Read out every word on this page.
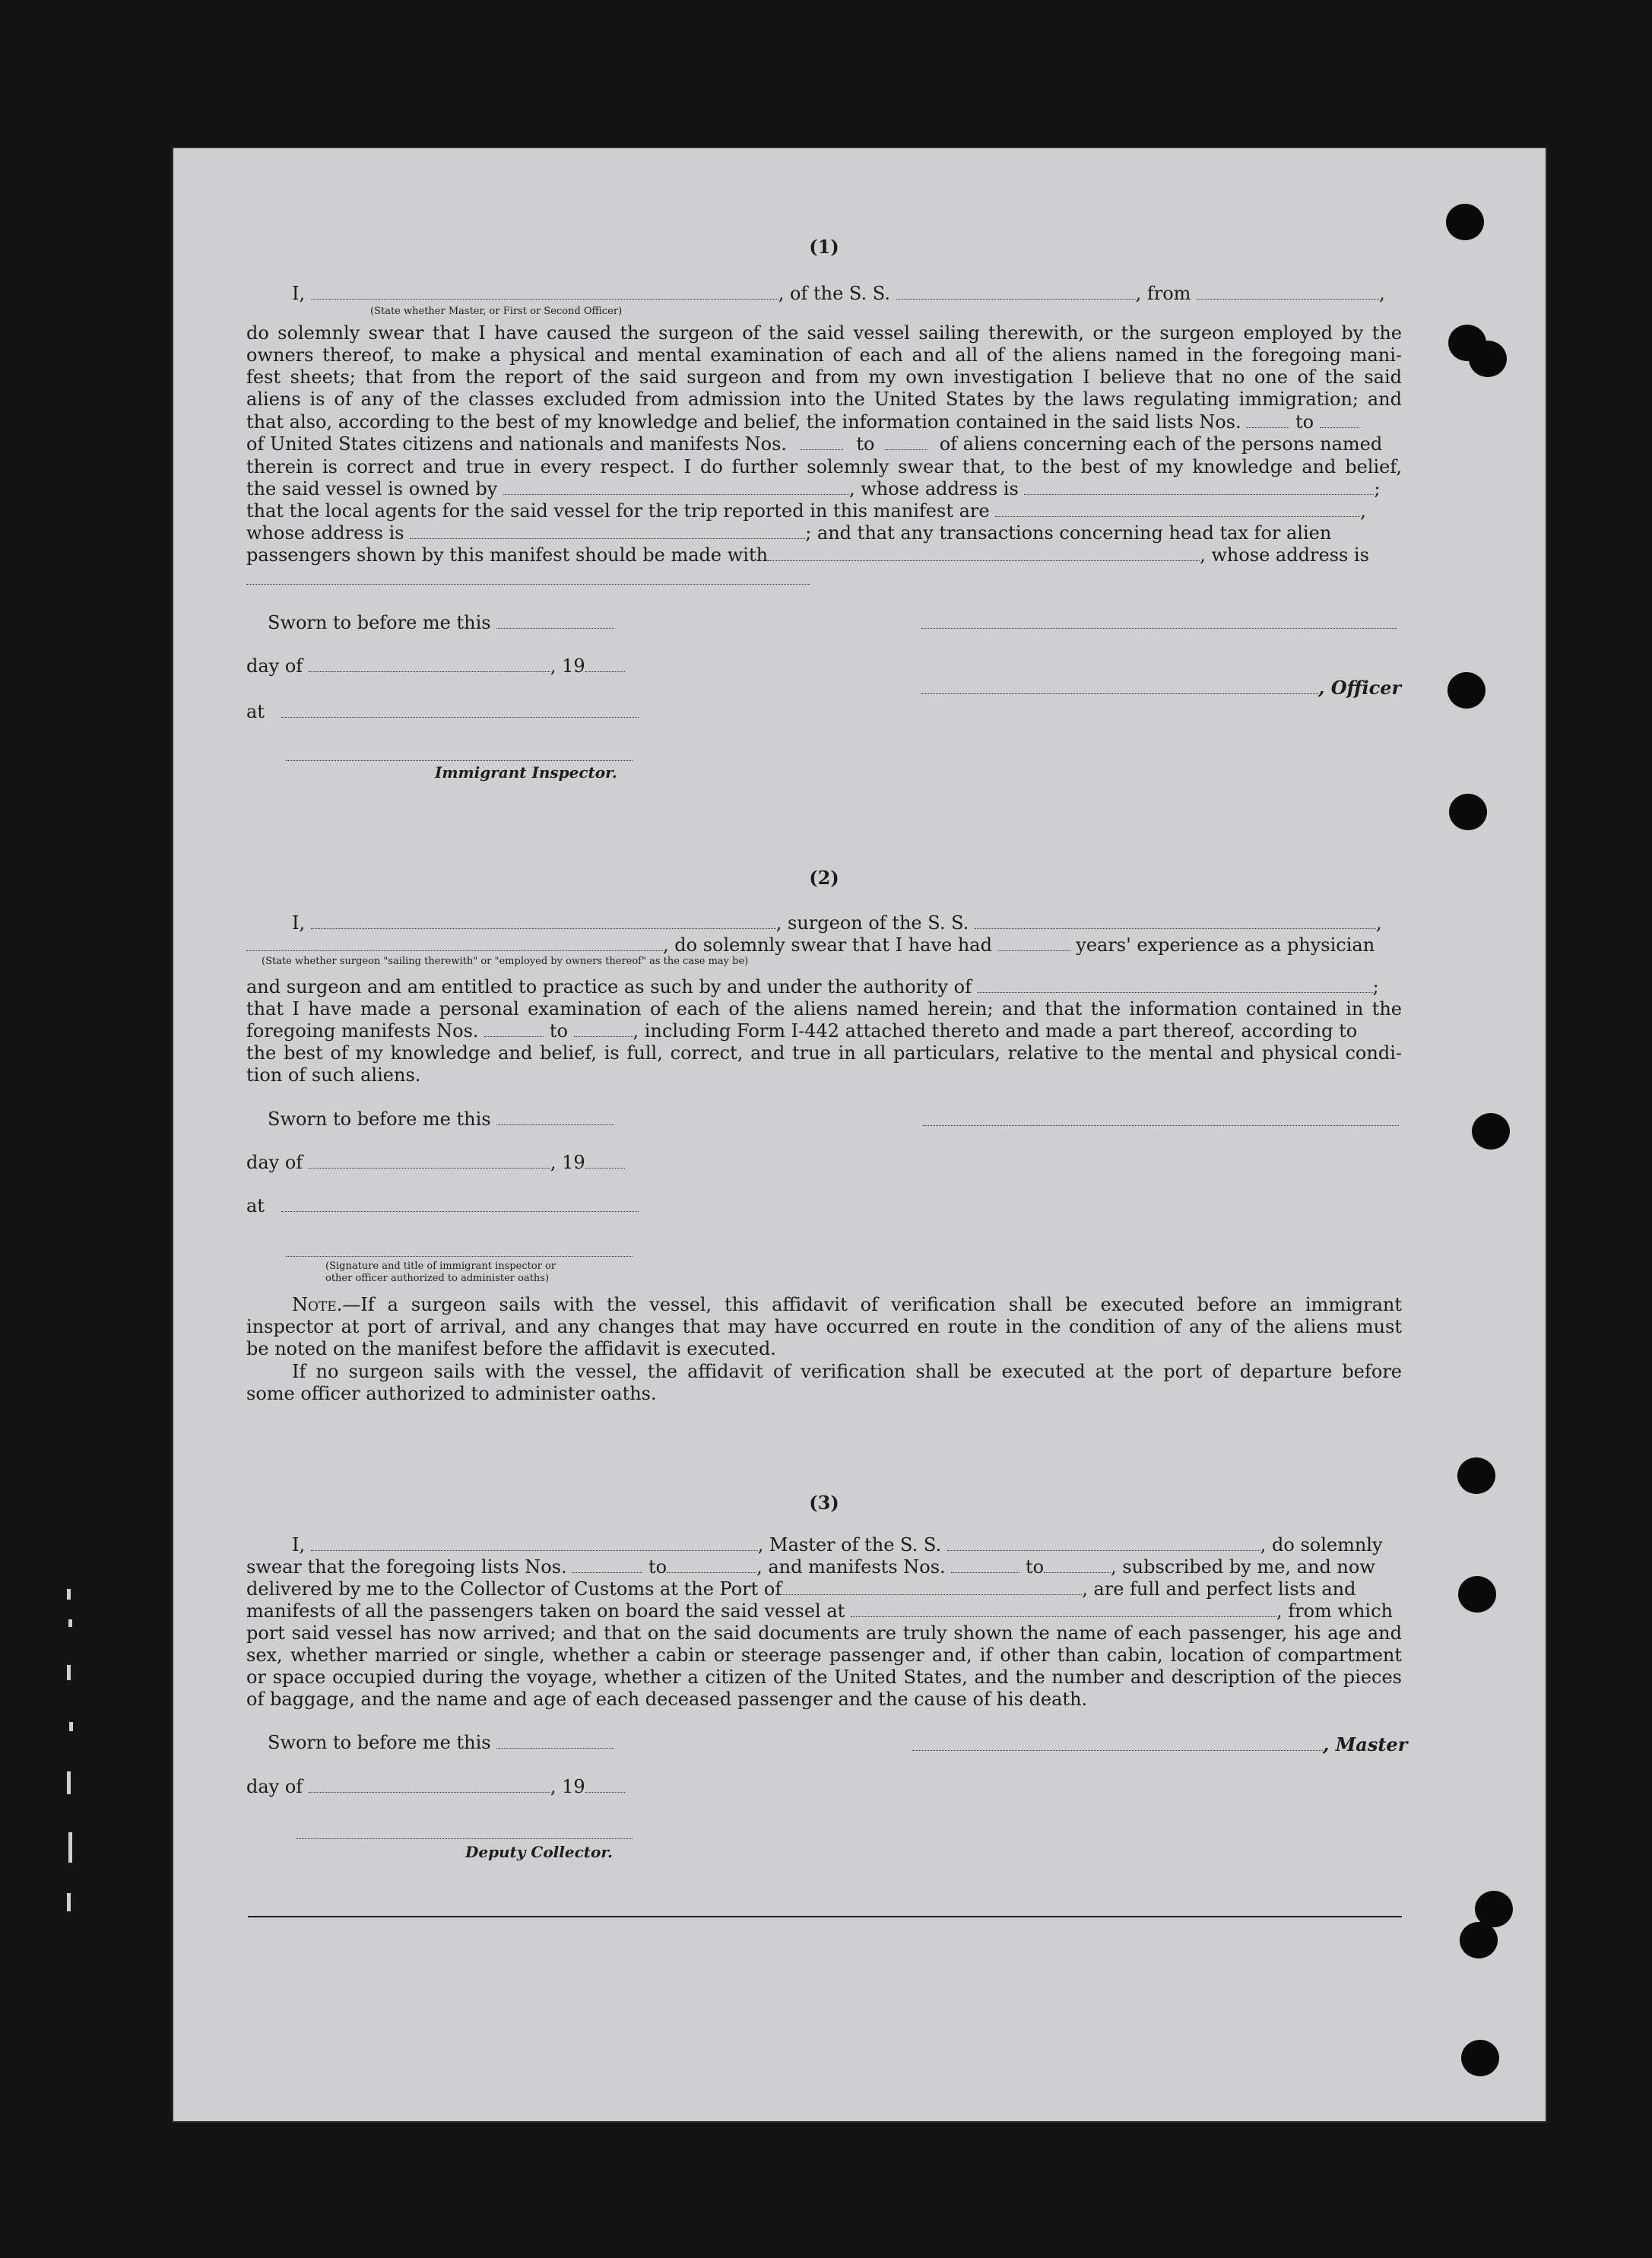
(1)
I,	, of the S. S.	, from	,
(State whether Master, or First or Second Officer)
do solemnly swear that I have caused the surgeon of the said vessel sailing therewith, or the surgeon employed by the
owners thereof, to make a physical and mental examination of each and all of the aliens named in the foregoing mani-
fest sheets; that from the report of the said surgeon and from my own investigation I believe that no one of the said
aliens is of any of the classes excluded from admission into the United States by the laws regulating immigration; and
that also, according to the best of my knowledge and belief, the information contained in the said lists Nos.	to
of United States citizens and nationals and manifests Nos.	to	of aliens concerning each of the persons named
therein is correct and true in every respect. I do further solemnly swear that, to the best of my knowledge and belief,
the said vessel is owned by	, whose address is	;
that the local agents for the said vessel for the trip reported in this manifest are	,
whose address is	; and that any transactions concerning head tax for alien
passengers shown by this manifest should be made with	, whose address is
Sworn to before me this
day of	, 19
, Officer
at
Immigrant Inspector.
(2)
I,	, surgeon of the S. S.	,
, do solemnly swear that I have had	years' experience as a physician
(State whether surgeon "sailing therewith" or "employed by owners thereof" as the case may be)
and surgeon and am entitled to practice as such by and under the authority of	;
that I have made a personal examination of each of the aliens named herein; and that the information contained in the
foregoing manifests Nos.	to	, including Form I-442 attached thereto and made a part thereof, according to
the best of my knowledge and belief, is full, correct, and true in all particulars, relative to the mental and physical condi-
tion of such aliens.
Sworn to before me this
day of	, 19
at
(Signature and title of immigrant inspector or
other officer authorized to administer oaths)
Note.—If a surgeon sails with the vessel, this affidavit of verification shall be executed before an immigrant
inspector at port of arrival, and any changes that may have occurred en route in the condition of any of the aliens must
be noted on the manifest before the affidavit is executed.
If no surgeon sails with the vessel, the affidavit of verification shall be executed at the port of departure before
some officer authorized to administer oaths.
(3)
I,	, Master of the S. S.	, do solemnly
swear that the foregoing lists Nos.	to	, and manifests Nos.	to	, subscribed by me, and now
delivered by me to the Collector of Customs at the Port of	, are full and perfect lists and
manifests of all the passengers taken on board the said vessel at	, from which
port said vessel has now arrived; and that on the said documents are truly shown the name of each passenger, his age and
sex, whether married or single, whether a cabin or steerage passenger and, if other than cabin, location of compartment
or space occupied during the voyage, whether a citizen of the United States, and the number and description of the pieces
of baggage, and the name and age of each deceased passenger and the cause of his death.
Sworn to before me this	, Master
day of	, 19
Deputy Collector.
